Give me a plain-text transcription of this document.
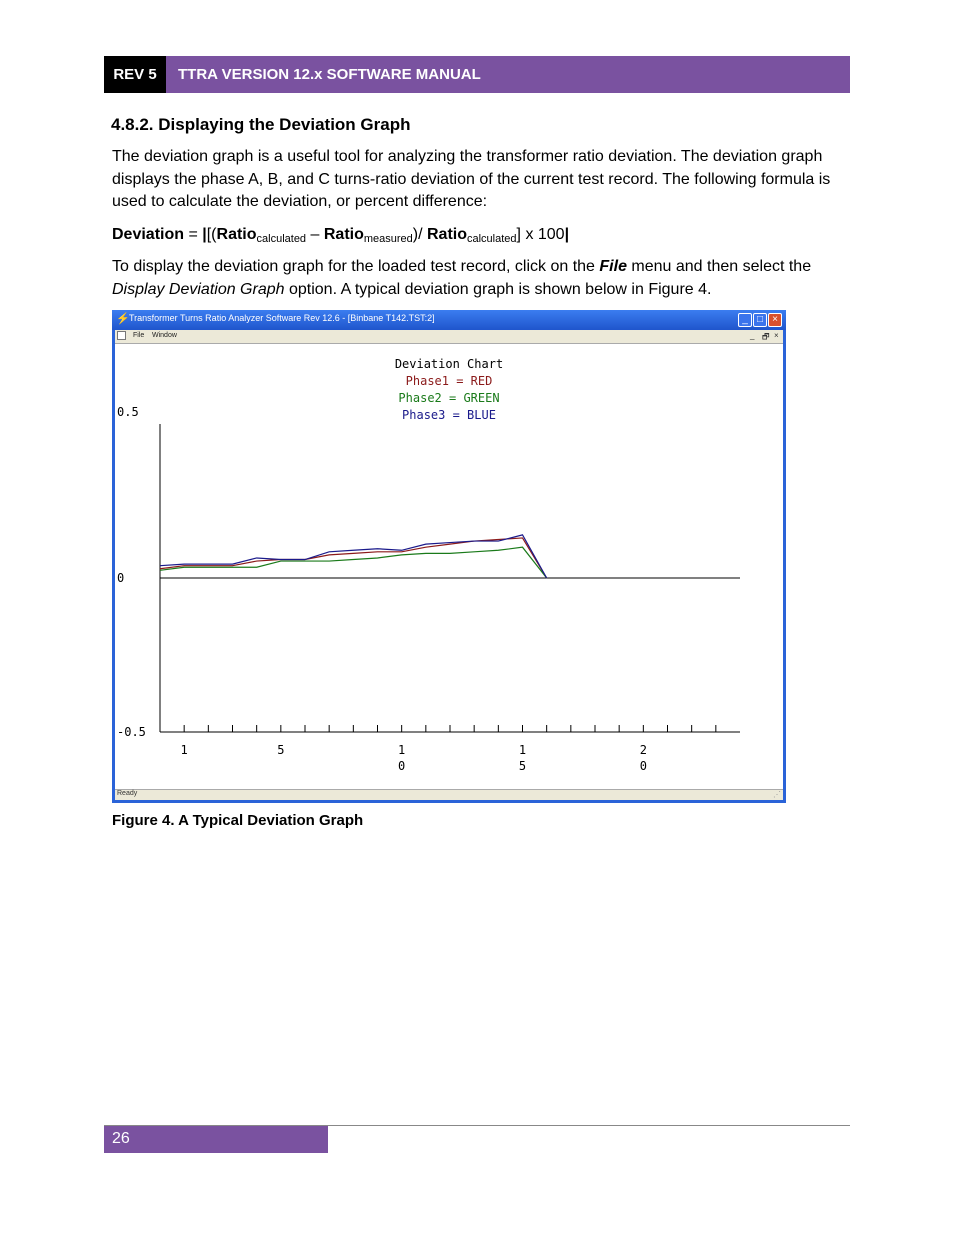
REV 5	TTRA VERSION 12.x SOFTWARE MANUAL
4.8.2. Displaying the Deviation Graph
The deviation graph is a useful tool for analyzing the transformer ratio deviation. The deviation graph displays the phase A, B, and C turns-ratio deviation of the current test record. The following formula is used to calculate the deviation, or percent difference:
Deviation = |[(Ratio$_{calculated}$ – Ratio$_{measured}$)/ Ratio$_{calculated}$] x 100|
To display the deviation graph for the loaded test record, click on the File menu and then select the Display Deviation Graph option. A typical deviation graph is shown below in Figure 4.
⚡ Transformer Turns Ratio Analyzer Software Rev 12.6 - [Binbane T142.TST:2]	_ □ ×
File Window	_ 🗗 ×
Deviation Chart
Phase1 = RED
Phase2 = GREEN
Phase3 = BLUE
0.5
0
-0.5
1	5	1
0
1
5
2
0
Ready	⋰
Figure 4. A Typical Deviation Graph
26
